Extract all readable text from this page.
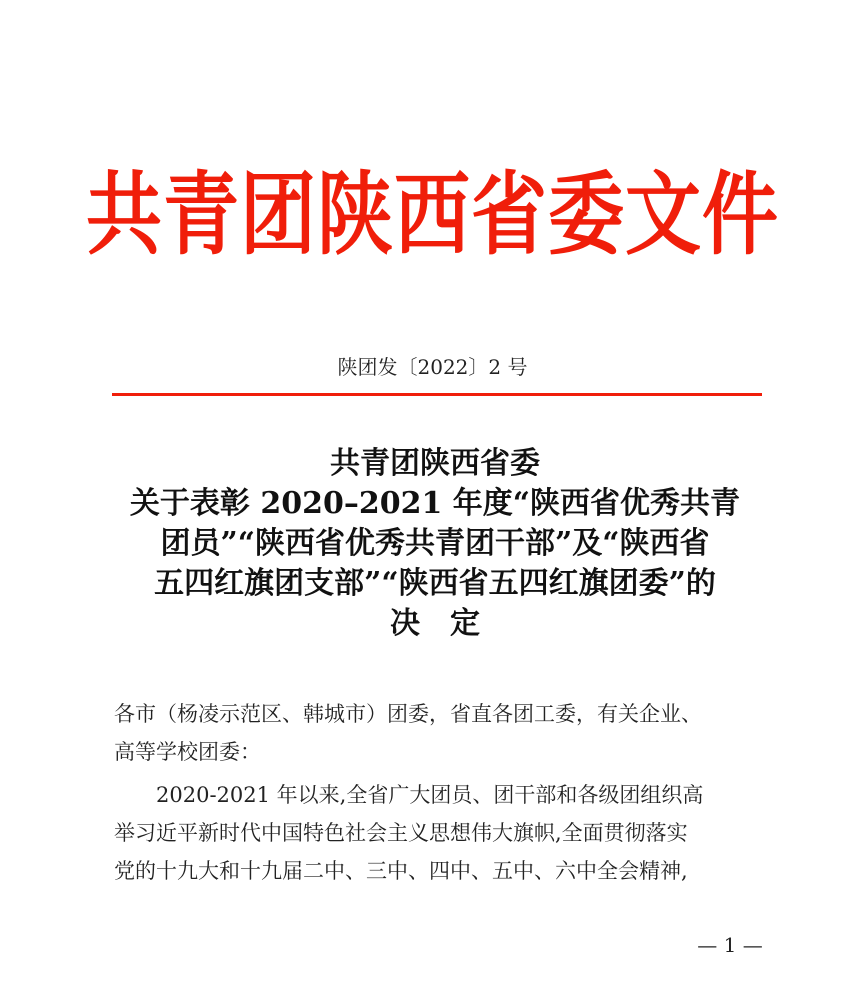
共青团陕西省委文件
陕团发〔2022〕2 号
共青团陕西省委
关于表彰 2020–2021 年度“陕西省优秀共青
团员”“陕西省优秀共青团干部”及“陕西省
五四红旗团支部”“陕西省五四红旗团委”的
决　定
各市（杨凌示范区、韩城市）团委，省直各团工委，有关企业、
高等学校团委：
　　2020-2021 年以来,全省广大团员、团干部和各级团组织高
举习近平新时代中国特色社会主义思想伟大旗帜,全面贯彻落实
党的十九大和十九届二中、三中、四中、五中、六中全会精神,
— 1 —
